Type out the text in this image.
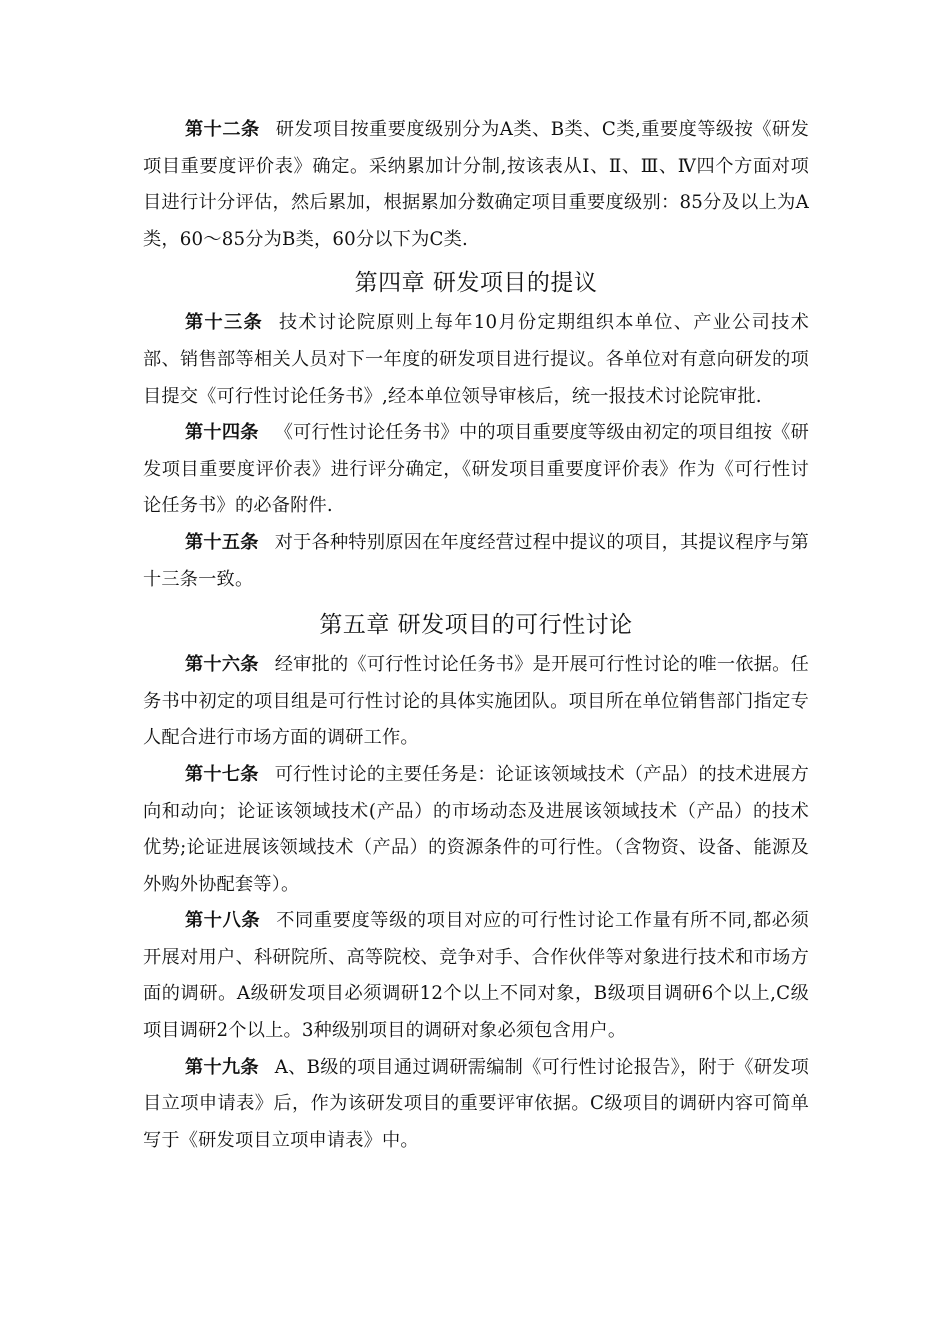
第十二条 研发项目按重要度级别分为A类、B类、C类,重要度等级按《研发项目重要度评价表》确定。采纳累加计分制,按该表从Ⅰ、Ⅱ、Ⅲ、Ⅳ四个方面对项目进行计分评估，然后累加，根据累加分数确定项目重要度级别：85分及以上为A类，60～85分为B类，60分以下为C类.

第四章 研发项目的提议

第十三条 技术讨论院原则上每年10月份定期组织本单位、产业公司技术部、销售部等相关人员对下一年度的研发项目进行提议。各单位对有意向研发的项目提交《可行性讨论任务书》,经本单位领导审核后，统一报技术讨论院审批.

第十四条 《可行性讨论任务书》中的项目重要度等级由初定的项目组按《研发项目重要度评价表》进行评分确定，《研发项目重要度评价表》作为《可行性讨论任务书》的必备附件.

第十五条 对于各种特别原因在年度经营过程中提议的项目，其提议程序与第十三条一致。

第五章 研发项目的可行性讨论

第十六条 经审批的《可行性讨论任务书》是开展可行性讨论的唯一依据。任务书中初定的项目组是可行性讨论的具体实施团队。项目所在单位销售部门指定专人配合进行市场方面的调研工作。

第十七条 可行性讨论的主要任务是：论证该领域技术（产品）的技术进展方向和动向；论证该领域技术(产品）的市场动态及进展该领域技术（产品）的技术优势;论证进展该领域技术（产品）的资源条件的可行性。（含物资、设备、能源及外购外协配套等）。

第十八条 不同重要度等级的项目对应的可行性讨论工作量有所不同,都必须开展对用户、科研院所、高等院校、竞争对手、合作伙伴等对象进行技术和市场方面的调研。A级研发项目必须调研12个以上不同对象，B级项目调研6个以上,C级项目调研2个以上。3种级别项目的调研对象必须包含用户。

第十九条 A、B级的项目通过调研需编制《可行性讨论报告》，附于《研发项目立项申请表》后，作为该研发项目的重要评审依据。C级项目的调研内容可简单写于《研发项目立项申请表》中。
